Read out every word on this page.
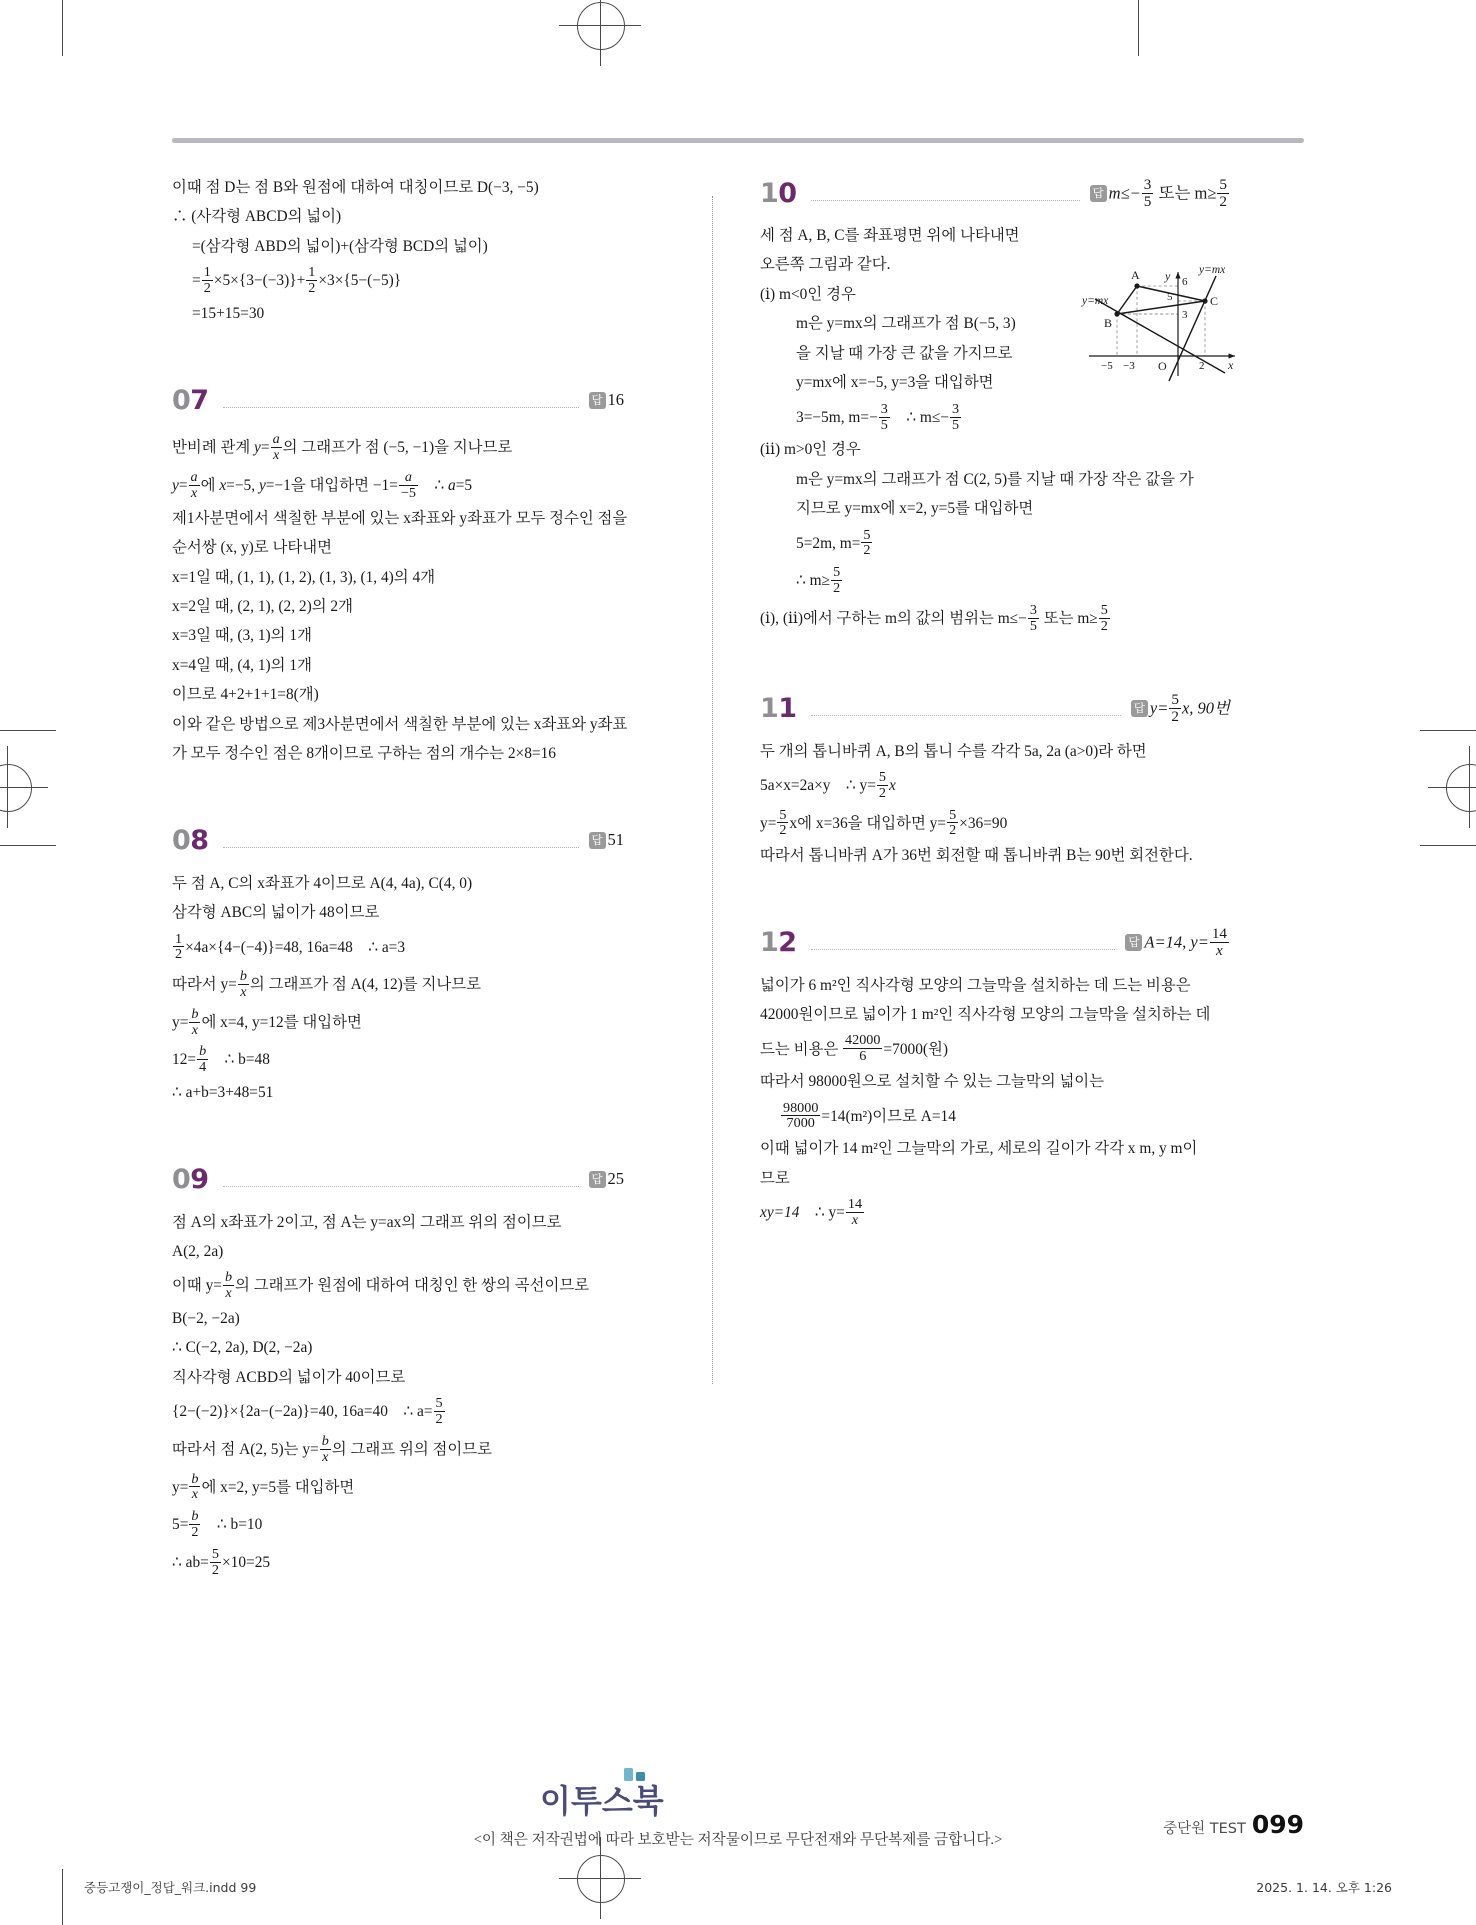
이때 점 D는 점 B와 원점에 대하여 대칭이므로 D(−3, −5)
∴ (사각형 ABCD의 넓이)
=(삼각형 ABD의 넓이)+(삼각형 BCD의 넓이)
= $\frac{1}{2} \times 5\times\{3-(-3)\}+ \frac{1}{2} \times 3\times\{5-(-5)\}$
=15+15=30
07	답 16
반비례 관계 $y= \frac{a}{x}$ 의 그래프가 점 (−5, −1)을 지나므로
$y= \frac{a}{x}$ 에 x=−5, y=−1을 대입하면 $-1= \frac{a}{-5}$ ∴ a=5
제1사분면에서 색칠한 부분에 있는 x좌표와 y좌표가 모두 정수인 점을
순서쌍 (x, y)로 나타내면
x=1일 때, (1, 1), (1, 2), (1, 3), (1, 4)의 4개
x=2일 때, (2, 1), (2, 2)의 2개
x=3일 때, (3, 1)의 1개
x=4일 때, (4, 1)의 1개
이므로 4+2+1+1=8(개)
이와 같은 방법으로 제3사분면에서 색칠한 부분에 있는 x좌표와 y좌표
가 모두 정수인 점은 8개이므로 구하는 점의 개수는 2×8=16
08	답 51
두 점 A, C의 x좌표가 4이므로 A(4, 4a), C(4, 0)
삼각형 ABC의 넓이가 48이므로
$\frac{1}{2} \times 4a\times\{4-(-4)\}=48$, 16a=48 ∴ a=3
따라서 $y= \frac{b}{x}$ 의 그래프가 점 A(4, 12)를 지나므로
$y= \frac{b}{x}$ 에 x=4, y=12를 대입하면
$12= \frac{b}{4}$ ∴ b=48
∴ a+b=3+48=51
09	답 25
점 A의 x좌표가 2이고, 점 A는 y=ax의 그래프 위의 점이므로
A(2, 2a)
이때 $y= \frac{b}{x}$ 의 그래프가 원점에 대하여 대칭인 한 쌍의 곡선이므로
B(−2, −2a)
∴ C(−2, 2a), D(2, −2a)
직사각형 ACBD의 넓이가 40이므로
{2−(−2)}×{2a−(−2a)}=40, 16a=40 ∴ $a= \frac{5}{2}$
따라서 점 A(2, 5)는 $y= \frac{b}{x}$ 의 그래프 위의 점이므로
$y= \frac{b}{x}$ 에 x=2, y=5를 대입하면
$5= \frac{b}{2}$ ∴ b=10
∴ $ab= \frac{5}{2} \times 10=25$
10	답 $m\le- \frac{3}{5}$ 또는 $m\ge \frac{5}{2}$
A
B
C
6
5
3
−5 −3 O	2 x
y
y=mx
y=mx
세 점 A, B, C를 좌표평면 위에 나타내면
오른쪽 그림과 같다.
(ⅰ) m<0인 경우
m은 y=mx의 그래프가 점 B(−5, 3)
을 지날 때 가장 큰 값을 가지므로
y=mx에 x=−5, y=3을 대입하면
3=−5m, $m=- \frac{3}{5}$ ∴ $m\le- \frac{3}{5}$
(ⅱ) m>0인 경우
m은 y=mx의 그래프가 점 C(2, 5)를 지날 때 가장 작은 값을 가
지므로 y=mx에 x=2, y=5를 대입하면
5=2m, $m= \frac{5}{2}$
∴ $m\ge \frac{5}{2}$
(ⅰ), (ⅱ)에서 구하는 m의 값의 범위는 $m\le- \frac{3}{5}$ 또는 $m\ge \frac{5}{2}$
11	답 $y= \frac{5}{2} x$, 90번
두 개의 톱니바퀴 A, B의 톱니 수를 각각 5a, 2a (a>0)라 하면
5a×x=2a×y ∴ $y= \frac{5}{2}$ x
$y= \frac{5}{2}$ x에 x=36을 대입하면 $y= \frac{5}{2} \times 36=90$
따라서 톱니바퀴 A가 36번 회전할 때 톱니바퀴 B는 90번 회전한다.
12	답 A=14, $y= \frac{14}{x}$
넓이가 6 m²인 직사각형 모양의 그늘막을 설치하는 데 드는 비용은
42000원이므로 넓이가 1 m²인 직사각형 모양의 그늘막을 설치하는 데
드는 비용은 $\frac{42000}{6} =7000$(원)
따라서 98000원으로 설치할 수 있는 그늘막의 넓이는
$\frac{98000}{7000} =14(m^2)$이므로 A=14
이때 넓이가 14 m²인 그늘막의 가로, 세로의 길이가 각각 x m, y m이
므로
xy=14 ∴ $y= \frac{14}{x}$
이투스북
<이 책은 저작권법에 따라 보호받는 저작물이므로 무단전재와 무단복제를 금합니다.>
중단원 TEST 099
중등고쟁이_정답_워크.indd 99	2025. 1. 14. 오후 1:26
